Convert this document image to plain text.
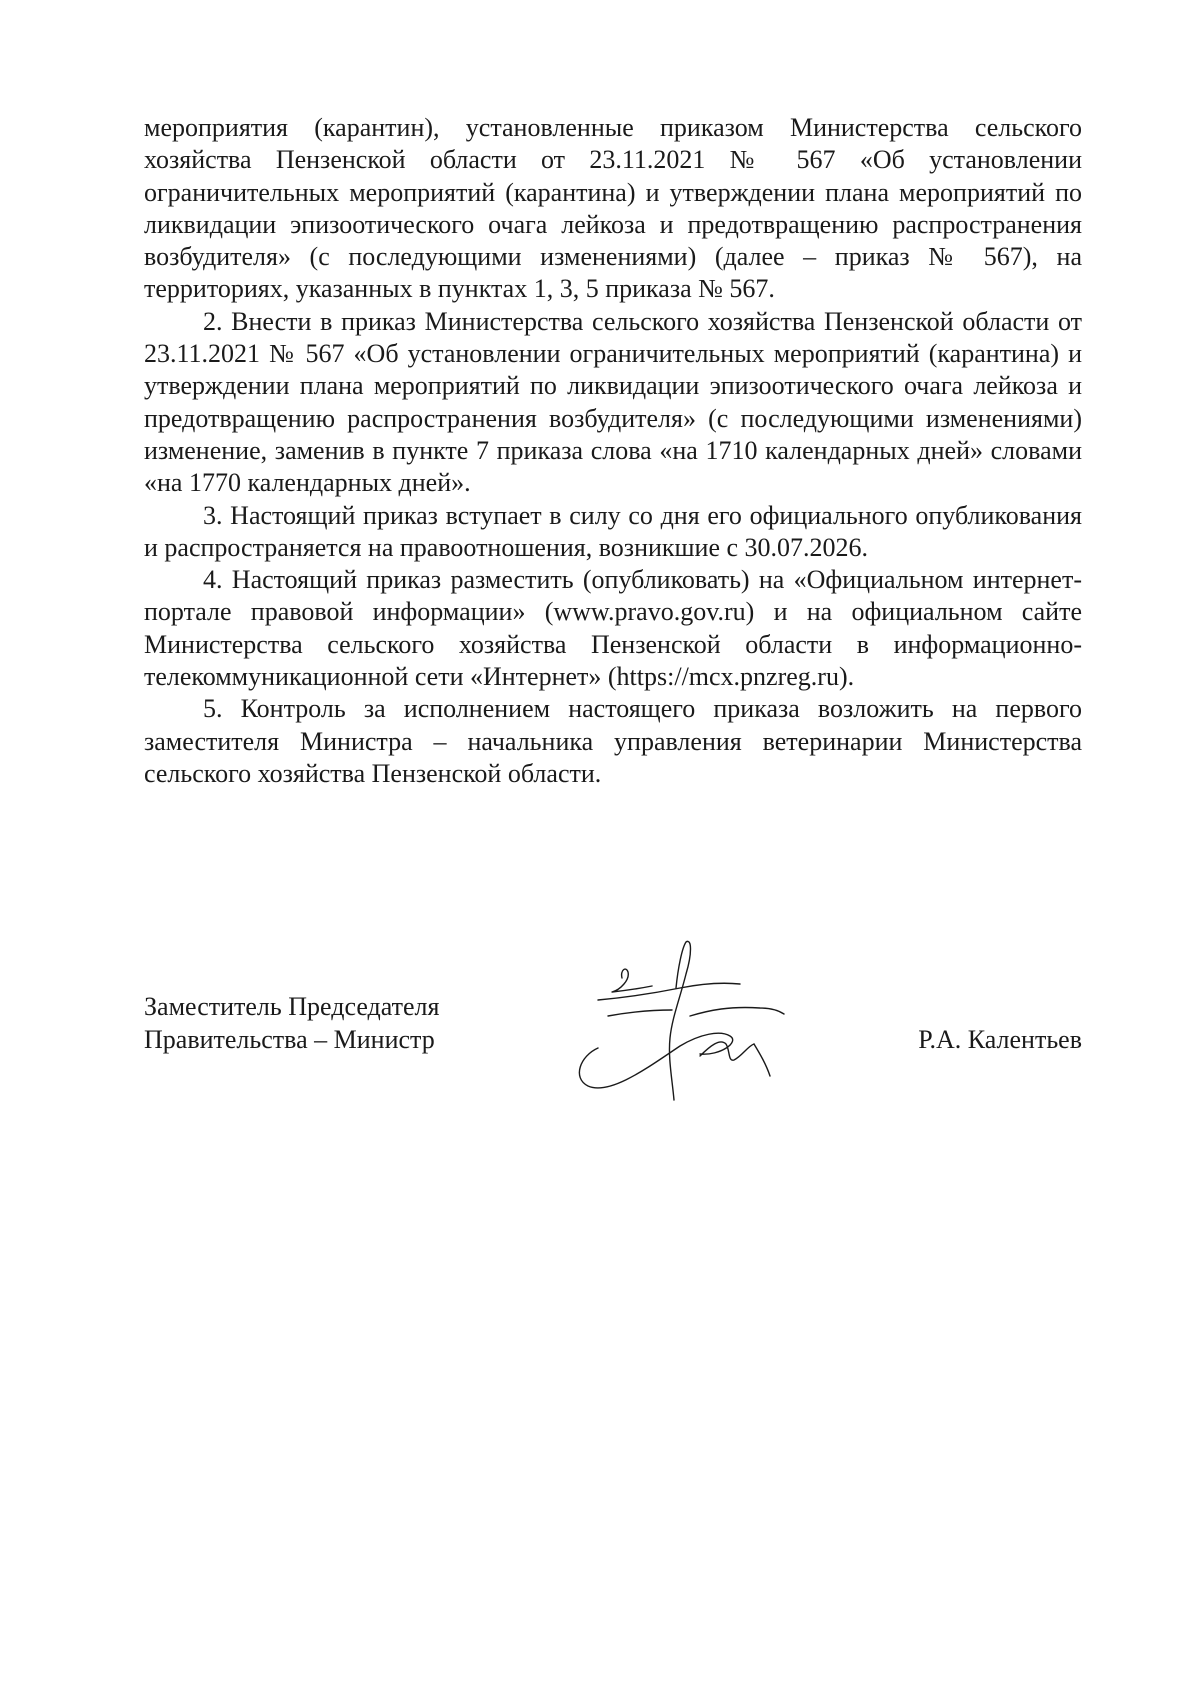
мероприятия (карантин), установленные приказом Министерства сельского хозяйства Пензенской области от 23.11.2021 № 567 «Об установлении ограничительных мероприятий (карантина) и утверждении плана мероприятий по ликвидации эпизоотического очага лейкоза и предотвращению распространения возбудителя» (с последующими изменениями) (далее – приказ № 567), на территориях, указанных в пунктах 1, 3, 5 приказа № 567.

2. Внести в приказ Министерства сельского хозяйства Пензенской области от 23.11.2021 № 567 «Об установлении ограничительных мероприятий (карантина) и утверждении плана мероприятий по ликвидации эпизоотического очага лейкоза и предотвращению распространения возбудителя» (с последующими изменениями) изменение, заменив в пункте 7 приказа слова «на 1710 календарных дней» словами «на 1770 календарных дней».

3. Настоящий приказ вступает в силу со дня его официального опубликования и распространяется на правоотношения, возникшие с 30.07.2026.

4. Настоящий приказ разместить (опубликовать) на «Официальном интернет-портале правовой информации» (www.pravo.gov.ru) и на официальном сайте Министерства сельского хозяйства Пензенской области в информационно-телекоммуникационной сети «Интернет» (https://mcx.pnzreg.ru).

5. Контроль за исполнением настоящего приказа возложить на первого заместителя Министра – начальника управления ветеринарии Министерства сельского хозяйства Пензенской области.

Заместитель Председателя
Правительства – Министр	Р.А. Калентьев
